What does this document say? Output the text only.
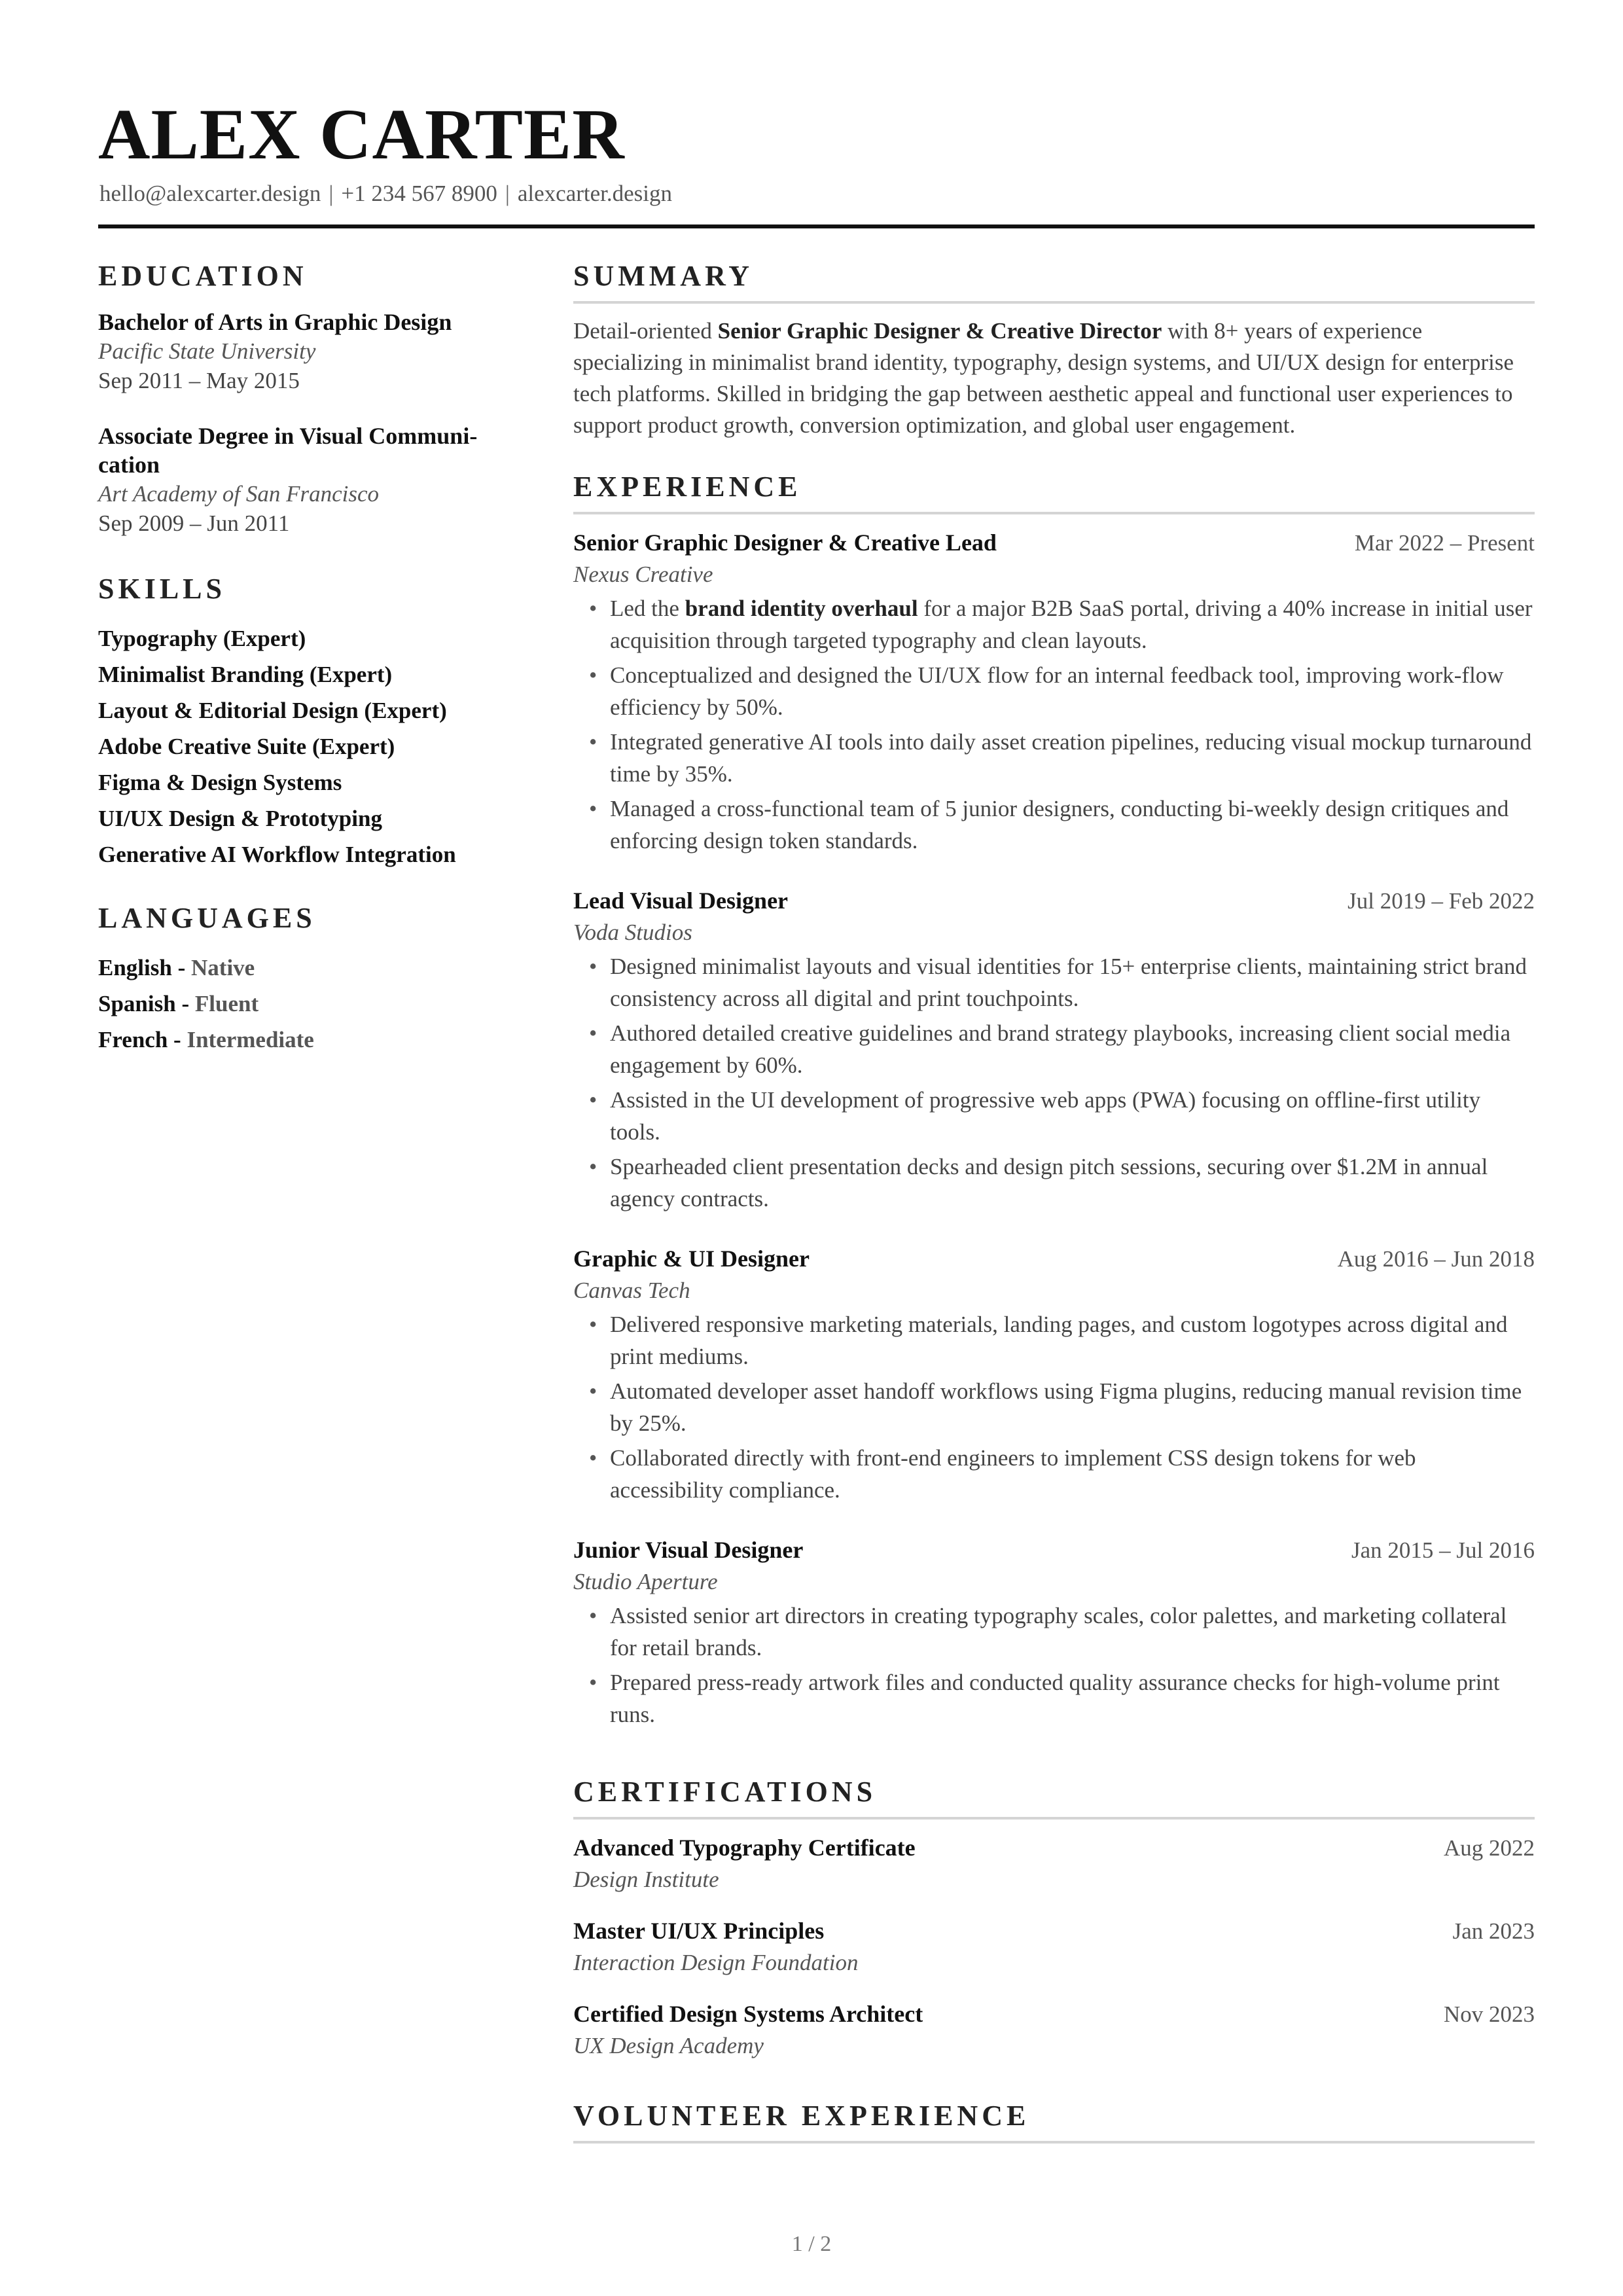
ALEX CARTER
hello@alexcarter.design | +1 234 567 8900 | alexcarter.design
EDUCATION
Bachelor of Arts in Graphic Design
Pacific State University
Sep 2011 – May 2015
Associate Degree in Visual Communi-
cation
Art Academy of San Francisco
Sep 2009 – Jun 2011
SKILLS
Typography (Expert)
Minimalist Branding (Expert)
Layout & Editorial Design (Expert)
Adobe Creative Suite (Expert)
Figma & Design Systems
UI/UX Design & Prototyping
Generative AI Workflow Integration
LANGUAGES
English - Native
Spanish - Fluent
French - Intermediate
SUMMARY
Detail-oriented Senior Graphic Designer & Creative Director with 8+ years of experience specializing in minimalist brand identity, typography, design systems, and UI/UX design for enterprise tech platforms. Skilled in bridging the gap between aesthetic appeal and functional user experiences to support product growth, conversion optimization, and global user engagement.
EXPERIENCE
Senior Graphic Designer & Creative Lead	Mar 2022 – Present
Nexus Creative
• Led the brand identity overhaul for a major B2B SaaS portal, driving a 40% increase in initial user acquisition through targeted typography and clean layouts.
• Conceptualized and designed the UI/UX flow for an internal feedback tool, improving work-flow efficiency by 50%.
• Integrated generative AI tools into daily asset creation pipelines, reducing visual mockup turnaround time by 35%.
• Managed a cross-functional team of 5 junior designers, conducting bi-weekly design critiques and enforcing design token standards.
Lead Visual Designer	Jul 2019 – Feb 2022
Voda Studios
• Designed minimalist layouts and visual identities for 15+ enterprise clients, maintaining strict brand consistency across all digital and print touchpoints.
• Authored detailed creative guidelines and brand strategy playbooks, increasing client social media engagement by 60%.
• Assisted in the UI development of progressive web apps (PWA) focusing on offline-first utility tools.
• Spearheaded client presentation decks and design pitch sessions, securing over $1.2M in annual agency contracts.
Graphic & UI Designer	Aug 2016 – Jun 2018
Canvas Tech
• Delivered responsive marketing materials, landing pages, and custom logotypes across digital and print mediums.
• Automated developer asset handoff workflows using Figma plugins, reducing manual revision time by 25%.
• Collaborated directly with front-end engineers to implement CSS design tokens for web accessibility compliance.
Junior Visual Designer	Jan 2015 – Jul 2016
Studio Aperture
• Assisted senior art directors in creating typography scales, color palettes, and marketing collateral for retail brands.
• Prepared press-ready artwork files and conducted quality assurance checks for high-volume print runs.
CERTIFICATIONS
Advanced Typography Certificate	Aug 2022
Design Institute
Master UI/UX Principles	Jan 2023
Interaction Design Foundation
Certified Design Systems Architect	Nov 2023
UX Design Academy
VOLUNTEER EXPERIENCE
1 / 2
